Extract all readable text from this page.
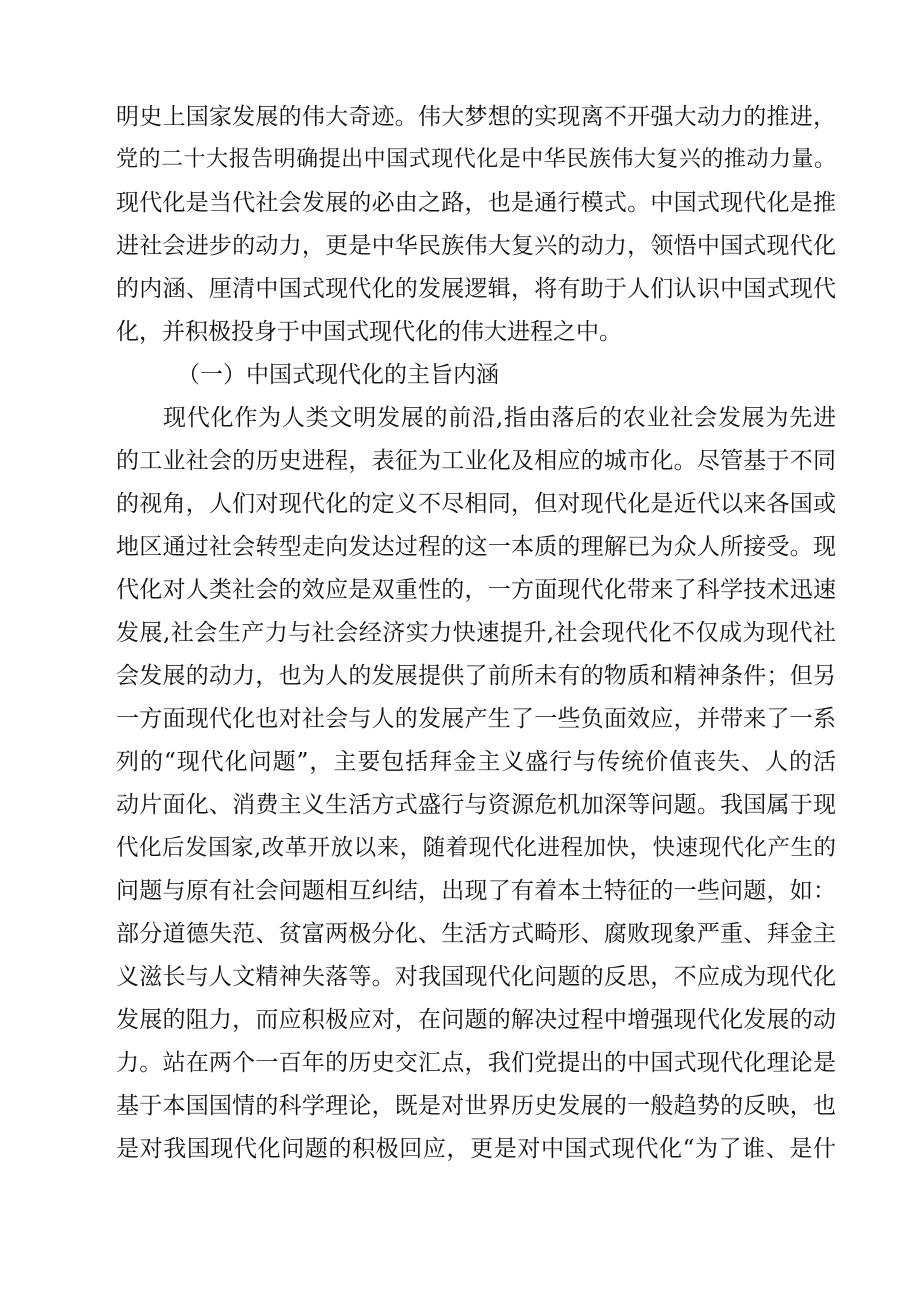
明史上国家发展的伟大奇迹。伟大梦想的实现离不开强大动力的推进，
党的二十大报告明确提出中国式现代化是中华民族伟大复兴的推动力量。
现代化是当代社会发展的必由之路，也是通行模式。中国式现代化是推
进社会进步的动力，更是中华民族伟大复兴的动力，领悟中国式现代化
的内涵、厘清中国式现代化的发展逻辑，将有助于人们认识中国式现代
化，并积极投身于中国式现代化的伟大进程之中。
（一）中国式现代化的主旨内涵
现代化作为人类文明发展的前沿,指由落后的农业社会发展为先进
的工业社会的历史进程，表征为工业化及相应的城市化。尽管基于不同
的视角，人们对现代化的定义不尽相同，但对现代化是近代以来各国或
地区通过社会转型走向发达过程的这一本质的理解已为众人所接受。现
代化对人类社会的效应是双重性的，一方面现代化带来了科学技术迅速
发展,社会生产力与社会经济实力快速提升,社会现代化不仅成为现代社
会发展的动力，也为人的发展提供了前所未有的物质和精神条件；但另
一方面现代化也对社会与人的发展产生了一些负面效应，并带来了一系
列的“现代化问题”，主要包括拜金主义盛行与传统价值丧失、人的活
动片面化、消费主义生活方式盛行与资源危机加深等问题。我国属于现
代化后发国家,改革开放以来，随着现代化进程加快，快速现代化产生的
问题与原有社会问题相互纠结，出现了有着本土特征的一些问题，如：
部分道德失范、贫富两极分化、生活方式畸形、腐败现象严重、拜金主
义滋长与人文精神失落等。对我国现代化问题的反思，不应成为现代化
发展的阻力，而应积极应对，在问题的解决过程中增强现代化发展的动
力。站在两个一百年的历史交汇点，我们党提出的中国式现代化理论是
基于本国国情的科学理论，既是对世界历史发展的一般趋势的反映，也
是对我国现代化问题的积极回应，更是对中国式现代化“为了谁、是什
